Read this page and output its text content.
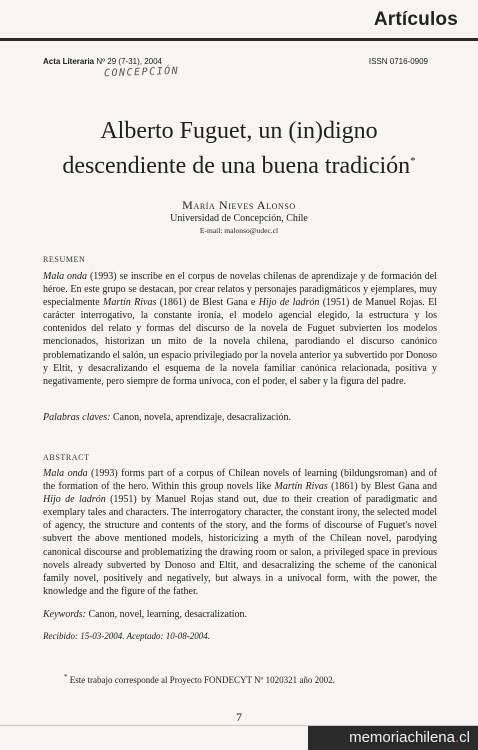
Artículos
Acta Literaria Nº 29 (7-31), 2004	ISSN 0716-0909
CONCEPCIÓN
Alberto Fuguet, un (in)digno
descendiente de una buena tradición*
María Nieves Alonso
Universidad de Concepción, Chile
E-mail: malonso@udec.cl
RESUMEN

Mala onda (1993) se inscribe en el corpus de novelas chilenas de aprendizaje y de formación del héroe. En este grupo se destacan, por crear relatos y personajes paradigmáticos y ejemplares, muy especialmente Martín Rivas (1861) de Blest Gana e Hijo de ladrón (1951) de Manuel Rojas. El carácter interrogativo, la constante ironía, el modelo agencial elegido, la estructura y los contenidos del relato y formas del discurso de la novela de Fuguet subvierten los modelos mencionados, historizan un mito de la novela chilena, parodiando el discurso canónico problematizando el salón, un espacio privilegiado por la novela anterior ya subvertido por Donoso y Eltit, y desacralizando el esquema de la novela familiar canónica relacionada, positiva y negativamente, pero siempre de forma unívoca, con el poder, el saber y la figura del padre.

Palabras claves: Canon, novela, aprendizaje, desacralización.

ABSTRACT

Mala onda (1993) forms part of a corpus of Chilean novels of learning (bildungsroman) and of the formation of the hero. Within this group novels like Martín Rivas (1861) by Blest Gana and Hijo de ladrón (1951) by Manuel Rojas stand out, due to their creation of paradigmatic and exemplary tales and characters. The interrogatory character, the constant irony, the selected model of agency, the structure and contents of the story, and the forms of discourse of Fuguet's novel subvert the above mentioned models, historicizing a myth of the Chilean novel, parodying canonical discourse and problematizing the drawing room or salon, a privileged space in previous novels already subverted by Donoso and Eltit, and desacralizing the scheme of the canonical family novel, positively and negatively, but always in a univocal form, with the power, the knowledge and the figure of the father.

Keywords: Canon, novel, learning, desacralization.

Recibido: 15-03-2004. Aceptado: 10-08-2004.
* Este trabajo corresponde al Proyecto FONDECYT Nº 1020321 año 2002.
7
memoriachilena.cl
